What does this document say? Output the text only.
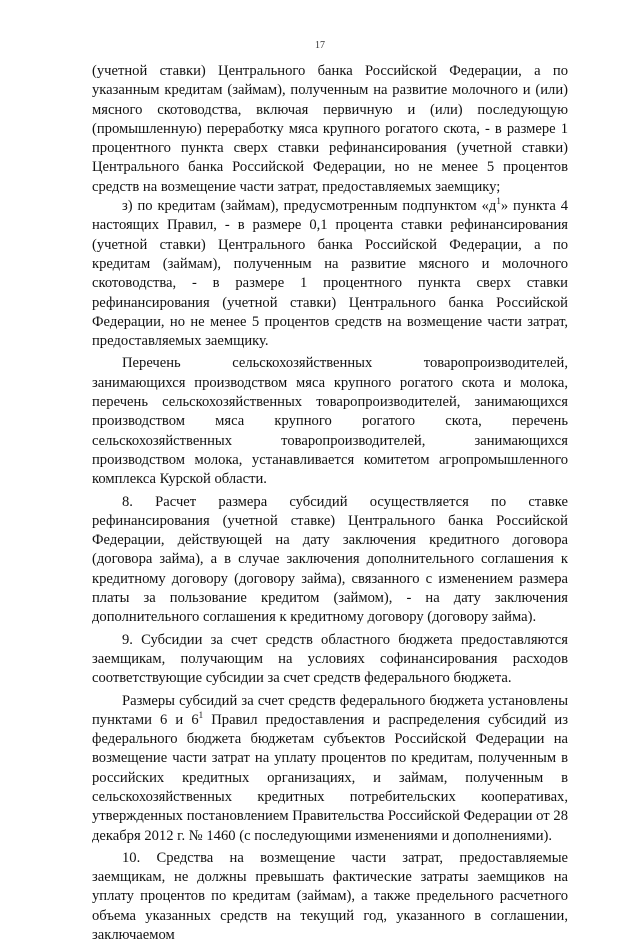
17

(учетной ставки) Центрального банка Российской Федерации, а по указанным кредитам (займам), полученным на развитие молочного и (или) мясного скотоводства, включая первичную и (или) последующую (промышленную) переработку мяса крупного рогатого скота, - в размере 1 процентного пункта сверх ставки рефинансирования (учетной ставки) Центрального банка Российской Федерации, но не менее 5 процентов средств на возмещение части затрат, предоставляемых заемщику;

з) по кредитам (займам), предусмотренным подпунктом «$д^1$» пункта 4 настоящих Правил, - в размере 0,1 процента ставки рефинансирования (учетной ставки) Центрального банка Российской Федерации, а по кредитам (займам), полученным на развитие мясного и молочного скотоводства, - в размере 1 процентного пункта сверх ставки рефинансирования (учетной ставки) Центрального банка Российской Федерации, но не менее 5 процентов средств на возмещение части затрат, предоставляемых заемщику.

Перечень сельскохозяйственных товаропроизводителей, занимающихся производством мяса крупного рогатого скота и молока, перечень сельскохозяйственных товаропроизводителей, занимающихся производством мяса крупного рогатого скота, перечень сельскохозяйственных товаропроизводителей, занимающихся производством молока, устанавливается комитетом агропромышленного комплекса Курской области.

8. Расчет размера субсидий осуществляется по ставке рефинансирования (учетной ставке) Центрального банка Российской Федерации, действующей на дату заключения кредитного договора (договора займа), а в случае заключения дополнительного соглашения к кредитному договору (договору займа), связанного с изменением размера платы за пользование кредитом (займом), - на дату заключения дополнительного соглашения к кредитному договору (договору займа).

9. Субсидии за счет средств областного бюджета предоставляются заемщикам, получающим на условиях софинансирования расходов соответствующие субсидии за счет средств федерального бюджета.

Размеры субсидий за счет средств федерального бюджета установлены пунктами 6 и $6^1$ Правил предоставления и распределения субсидий из федерального бюджета бюджетам субъектов Российской Федерации на возмещение части затрат на уплату процентов по кредитам, полученным в российских кредитных организациях, и займам, полученным в сельскохозяйственных кредитных потребительских кооперативах, утвержденных постановлением Правительства Российской Федерации от 28 декабря 2012 г. № 1460 (с последующими изменениями и дополнениями).

10. Средства на возмещение части затрат, предоставляемые заемщикам, не должны превышать фактические затраты заемщиков на уплату процентов по кредитам (займам), а также предельного расчетного объема указанных средств на текущий год, указанного в соглашении, заключаемом
